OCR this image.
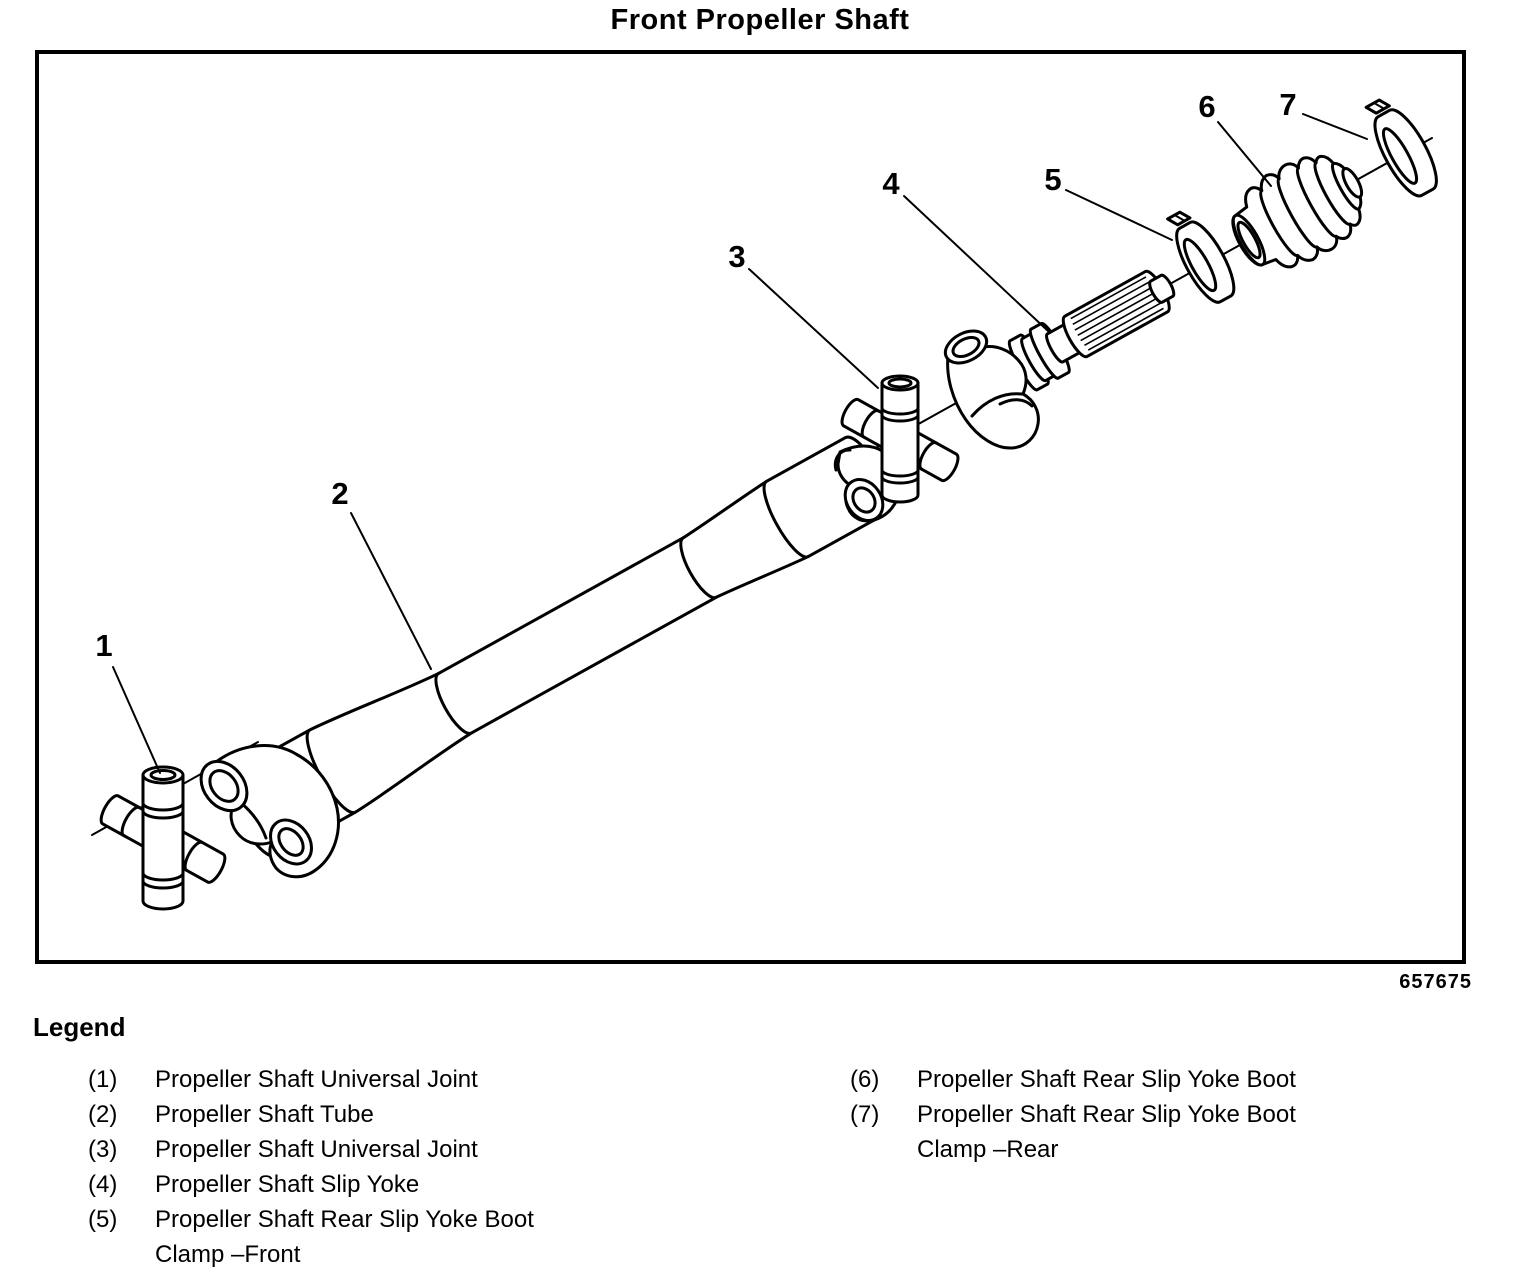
Front Propeller Shaft
1
2
3
4	5
6 7
657675
Legend
(1)	Propeller Shaft Universal Joint
(2)	Propeller Shaft Tube
(3)	Propeller Shaft Universal Joint
(4)	Propeller Shaft Slip Yoke
(5)	Propeller Shaft Rear Slip Yoke Boot
Clamp –Front
(6)	Propeller Shaft Rear Slip Yoke Boot
(7)	Propeller Shaft Rear Slip Yoke Boot
Clamp –Rear
